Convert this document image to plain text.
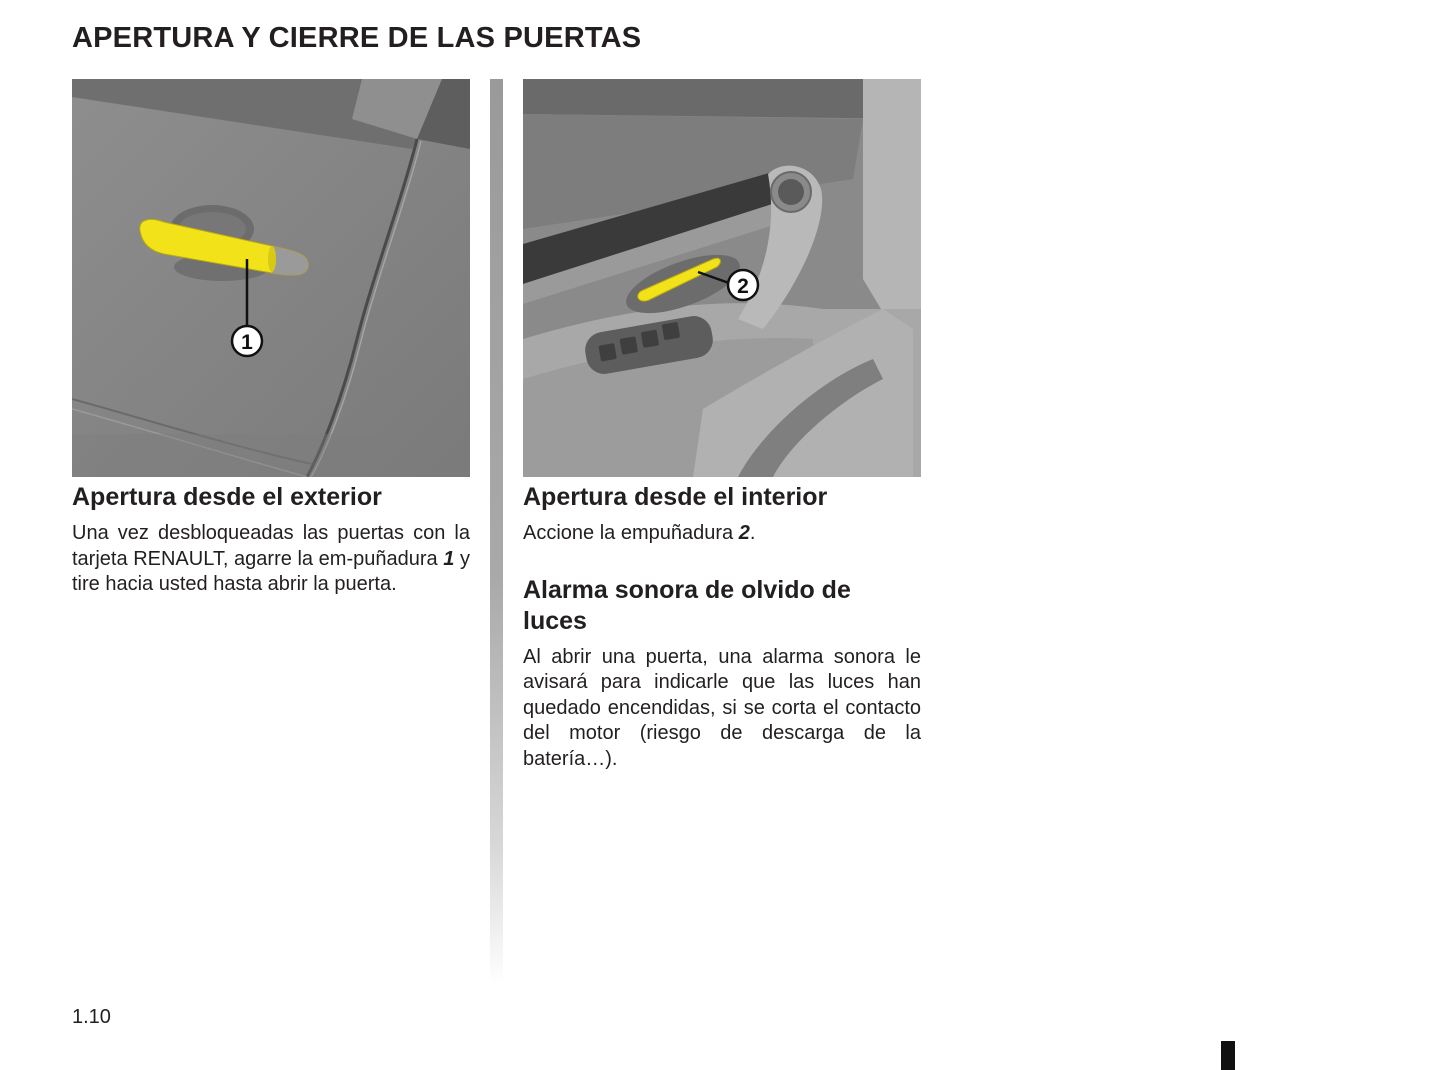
APERTURA Y CIERRE DE LAS PUERTAS
1
2
Apertura desde el exterior

Una vez desbloqueadas las puertas con la tarjeta RENAULT, agarre la em-puñadura 1 y tire hacia usted hasta abrir la puerta.

Apertura desde el interior

Accione la empuñadura 2.

Alarma sonora de olvido de luces

Al abrir una puerta, una alarma sonora le avisará para indicarle que las luces han quedado encendidas, si se corta el contacto del motor (riesgo de descarga de la batería…).

1.10
